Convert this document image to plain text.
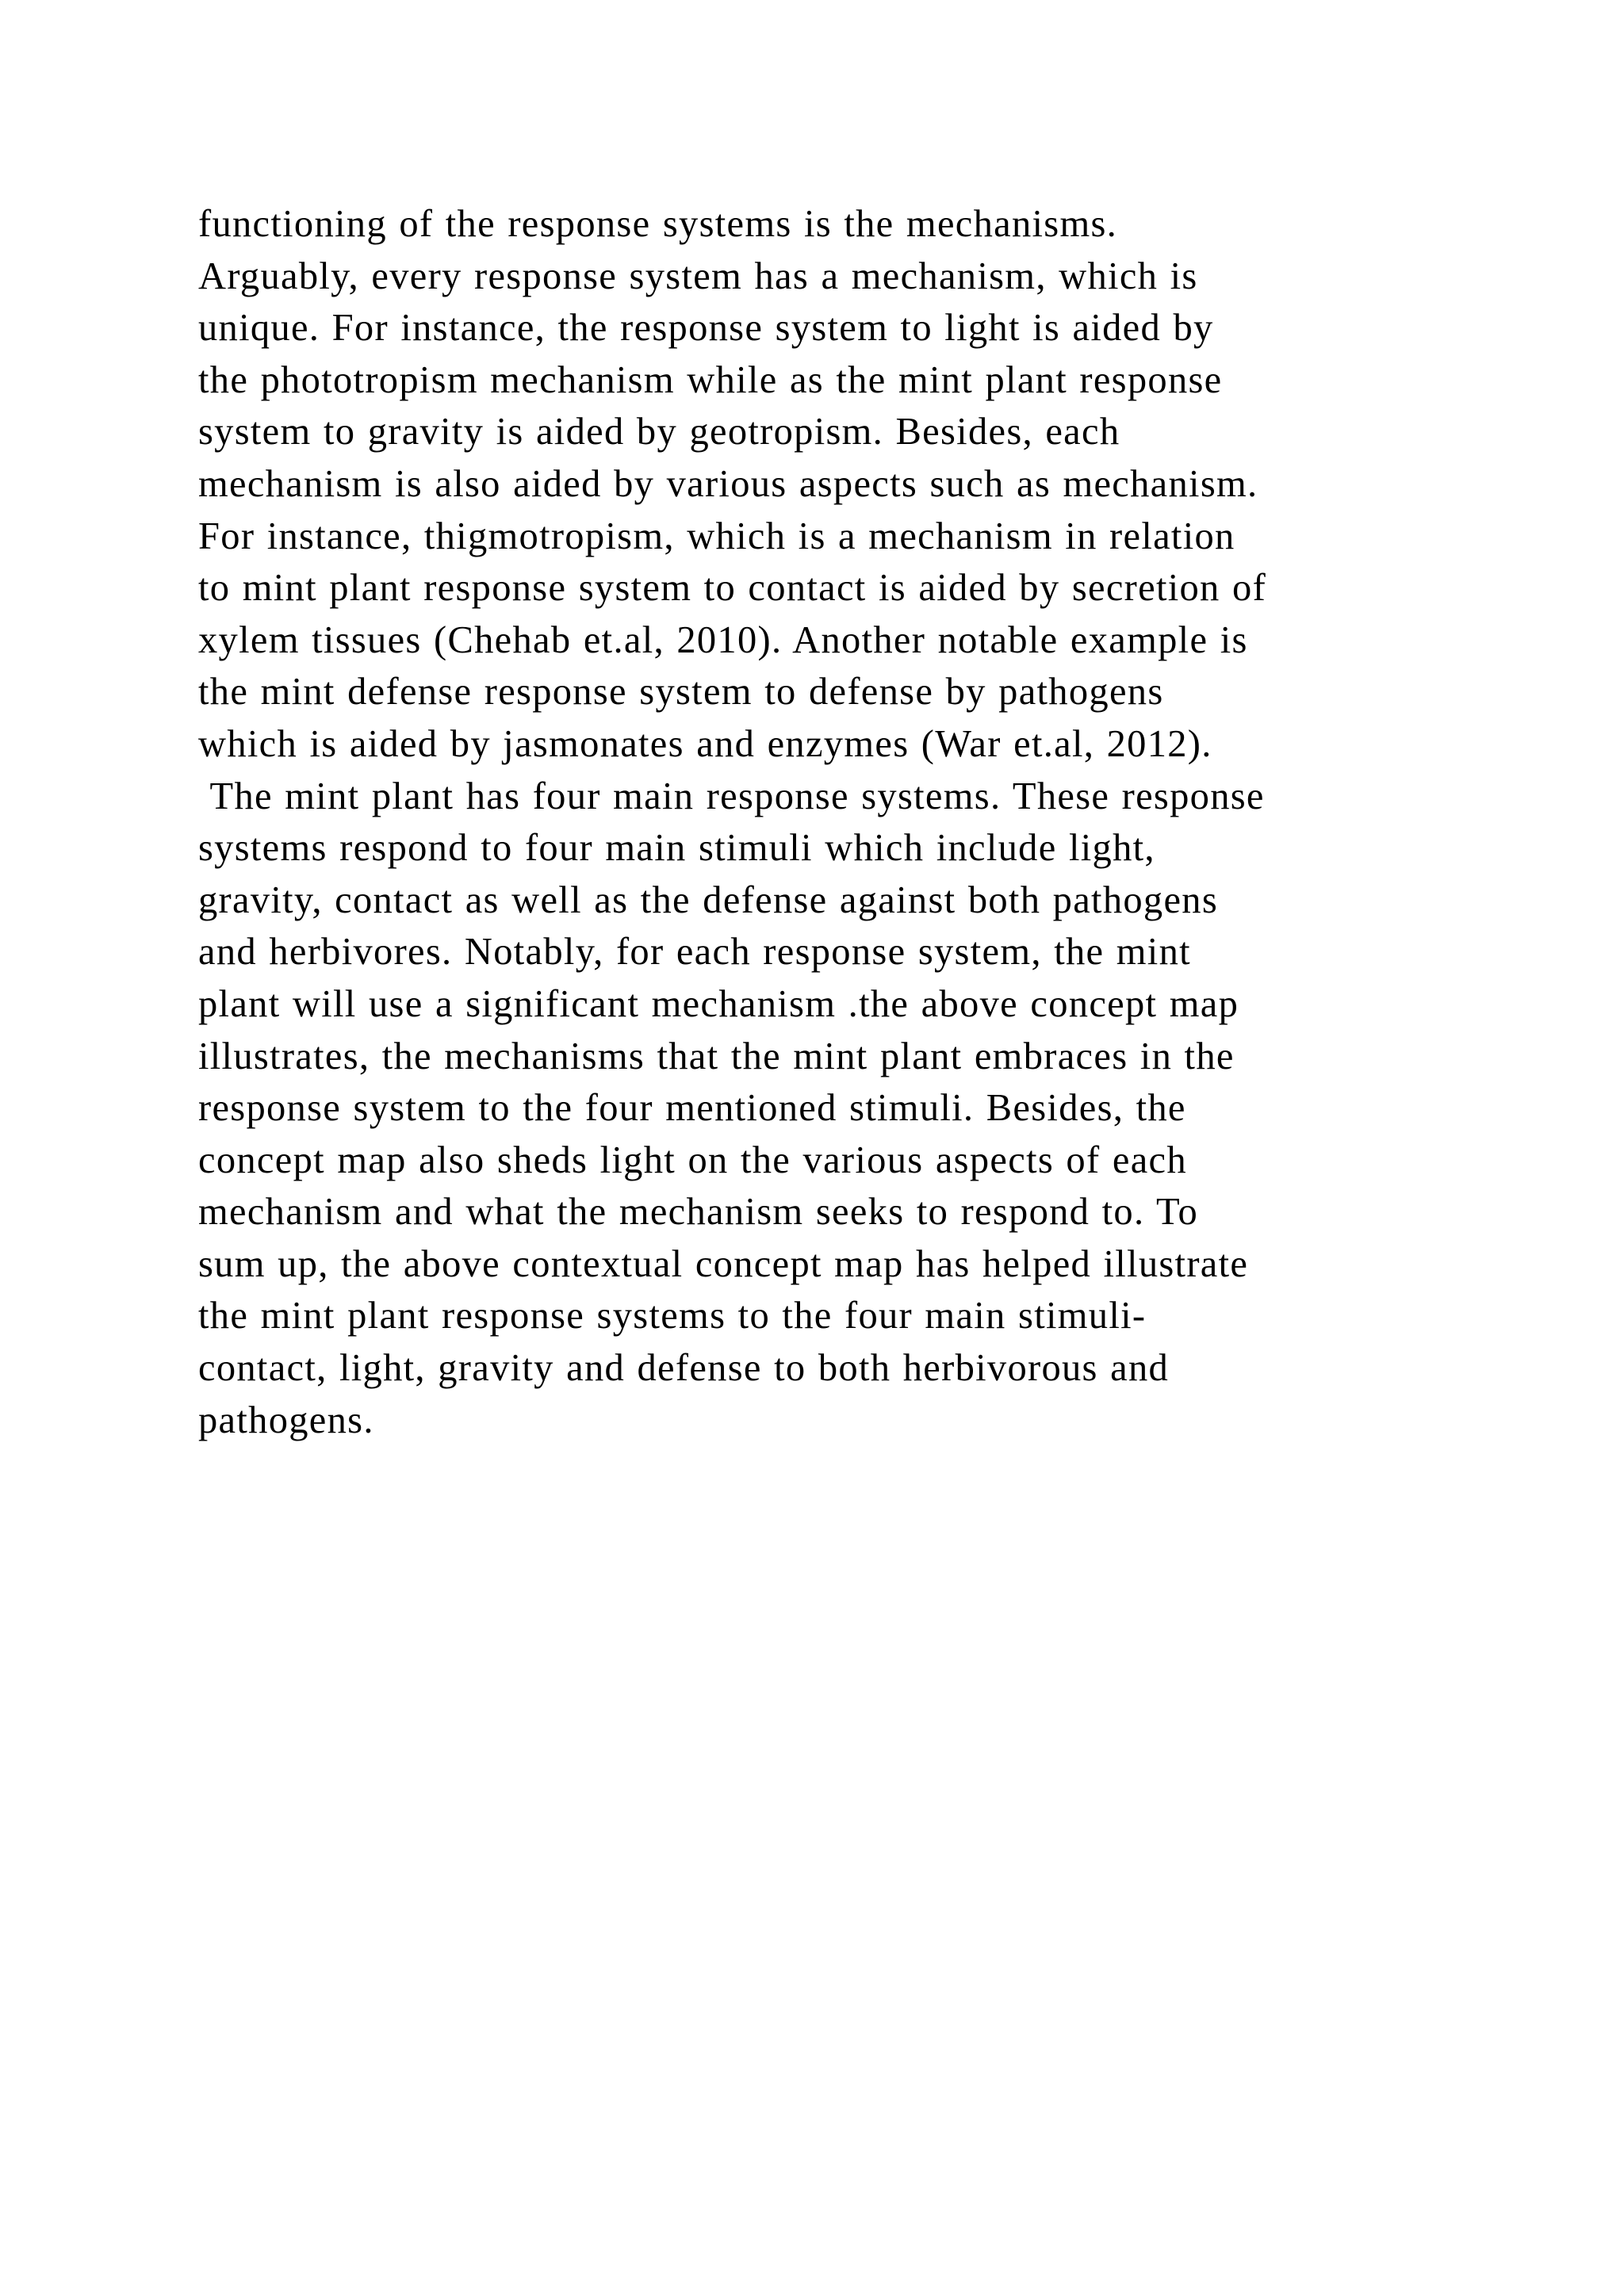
functioning of the response systems is the mechanisms.
Arguably, every response system has a mechanism, which is
unique. For instance, the response system to light is aided by
the phototropism mechanism while as the mint plant response
system to gravity is aided by geotropism. Besides, each
mechanism is also aided by various aspects such as mechanism.
For instance, thigmotropism, which is a mechanism in relation
to mint plant response system to contact is aided by secretion of
xylem tissues (Chehab et.al, 2010). Another notable example is
the mint defense response system to defense by pathogens
which is aided by jasmonates and enzymes (War et.al, 2012).
The mint plant has four main response systems. These response
systems respond to four main stimuli which include light,
gravity, contact as well as the defense against both pathogens
and herbivores. Notably, for each response system, the mint
plant will use a significant mechanism .the above concept map
illustrates, the mechanisms that the mint plant embraces in the
response system to the four mentioned stimuli. Besides, the
concept map also sheds light on the various aspects of each
mechanism and what the mechanism seeks to respond to. To
sum up, the above contextual concept map has helped illustrate
the mint plant response systems to the four main stimuli-
contact, light, gravity and defense to both herbivorous and
pathogens.
